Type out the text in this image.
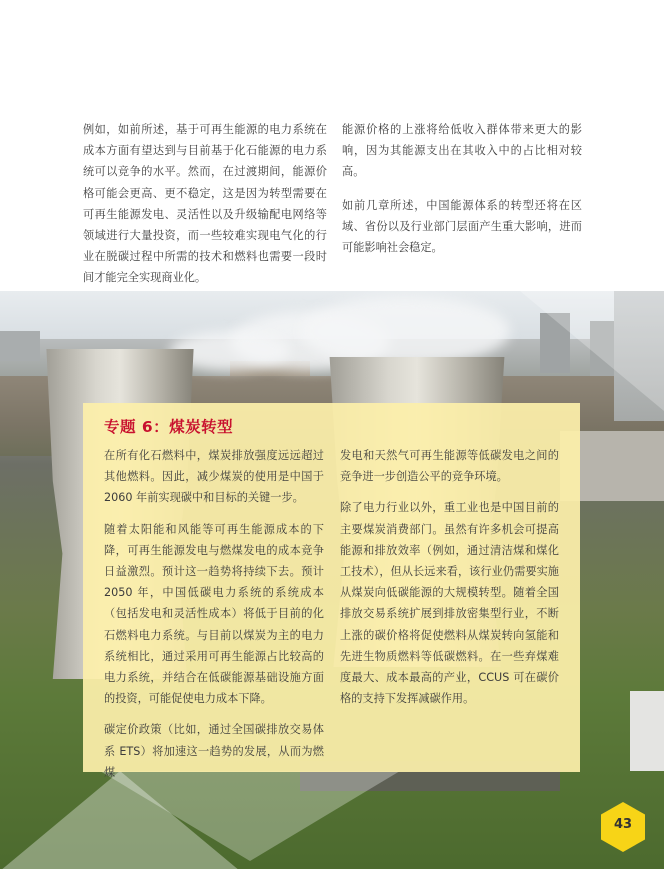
例如，如前所述，基于可再生能源的电力系统在成本方面有望达到与目前基于化石能源的电力系统可以竞争的水平。然而，在过渡期间，能源价格可能会更高、更不稳定，这是因为转型需要在可再生能源发电、灵活性以及升级输配电网络等领域进行大量投资，而一些较难实现电气化的行业在脱碳过程中所需的技术和燃料也需要一段时间才能完全实现商业化。

能源价格的上涨将给低收入群体带来更大的影响，因为其能源支出在其收入中的占比相对较高。

如前几章所述，中国能源体系的转型还将在区域、省份以及行业部门层面产生重大影响，进而可能影响社会稳定。

专题 6：煤炭转型

在所有化石燃料中，煤炭排放强度远远超过其他燃料。因此，减少煤炭的使用是中国于 2060 年前实现碳中和目标的关键一步。

随着太阳能和风能等可再生能源成本的下降，可再生能源发电与燃煤发电的成本竞争日益激烈。预计这一趋势将持续下去。预计 2050 年，中国低碳电力系统的系统成本（包括发电和灵活性成本）将低于目前的化石燃料电力系统。与目前以煤炭为主的电力系统相比，通过采用可再生能源占比较高的电力系统，并结合在低碳能源基础设施方面的投资，可能促使电力成本下降。

碳定价政策（比如，通过全国碳排放交易体系 ETS）将加速这一趋势的发展，从而为燃煤

发电和天然气可再生能源等低碳发电之间的竞争进一步创造公平的竞争环境。

除了电力行业以外，重工业也是中国目前的主要煤炭消费部门。虽然有许多机会可提高能源和排放效率（例如，通过清洁煤和煤化工技术），但从长远来看，该行业仍需要实施从煤炭向低碳能源的大规模转型。随着全国排放交易系统扩展到排放密集型行业，不断上涨的碳价格将促使燃料从煤炭转向氢能和先进生物质燃料等低碳燃料。在一些弃煤难度最大、成本最高的产业，CCUS 可在碳价格的支持下发挥减碳作用。

43
